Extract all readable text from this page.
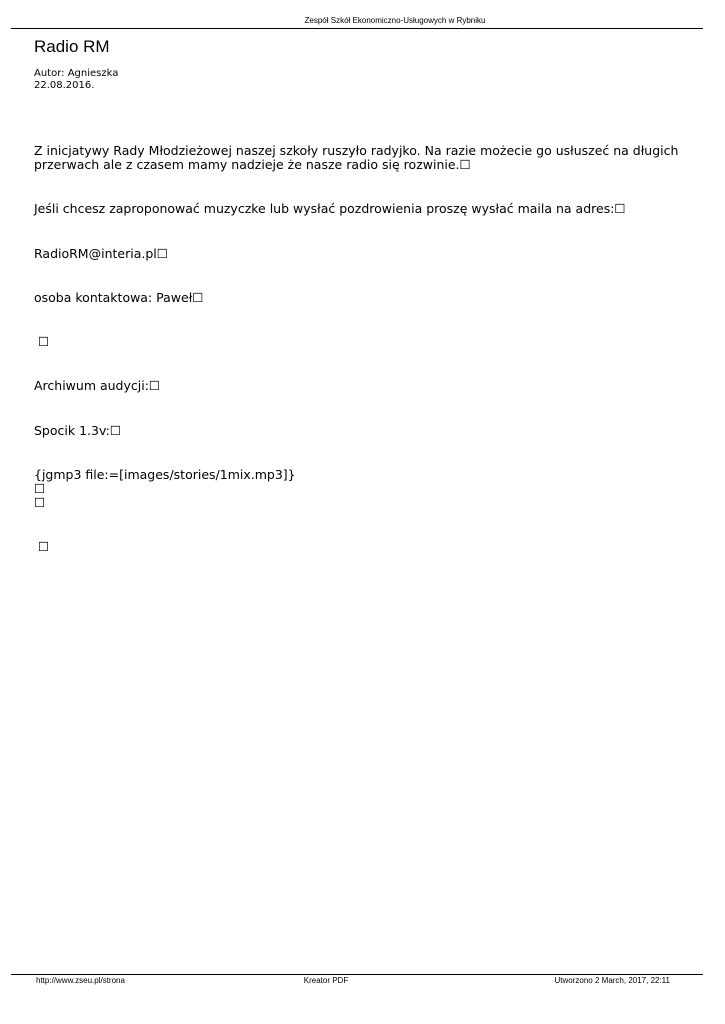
Zespół Szkół Ekonomiczno-Usługowych w Rybniku
Radio RM
Autor: Agnieszka
22.08.2016.
Z inicjatywy Rady Młodzieżowej naszej szkoły ruszyło radyjko. Na razie możecie go usłuszeć na długich
przerwach ale z czasem mamy nadzieje że nasze radio się rozwinie.☐
Jeśli chcesz zaproponować muzyczke lub wysłać pozdrowienia proszę wysłać maila na adres:☐
RadioRM@interia.pl☐
osoba kontaktowa: Paweł☐
☐
Archiwum audycji:☐
Spocik 1.3v:☐
{jgmp3 file:=[images/stories/1mix.mp3]}
☐
☐
☐
http://www.zseu.pl/strona	Kreator PDF	Utworzono 2 March, 2017, 22:11
